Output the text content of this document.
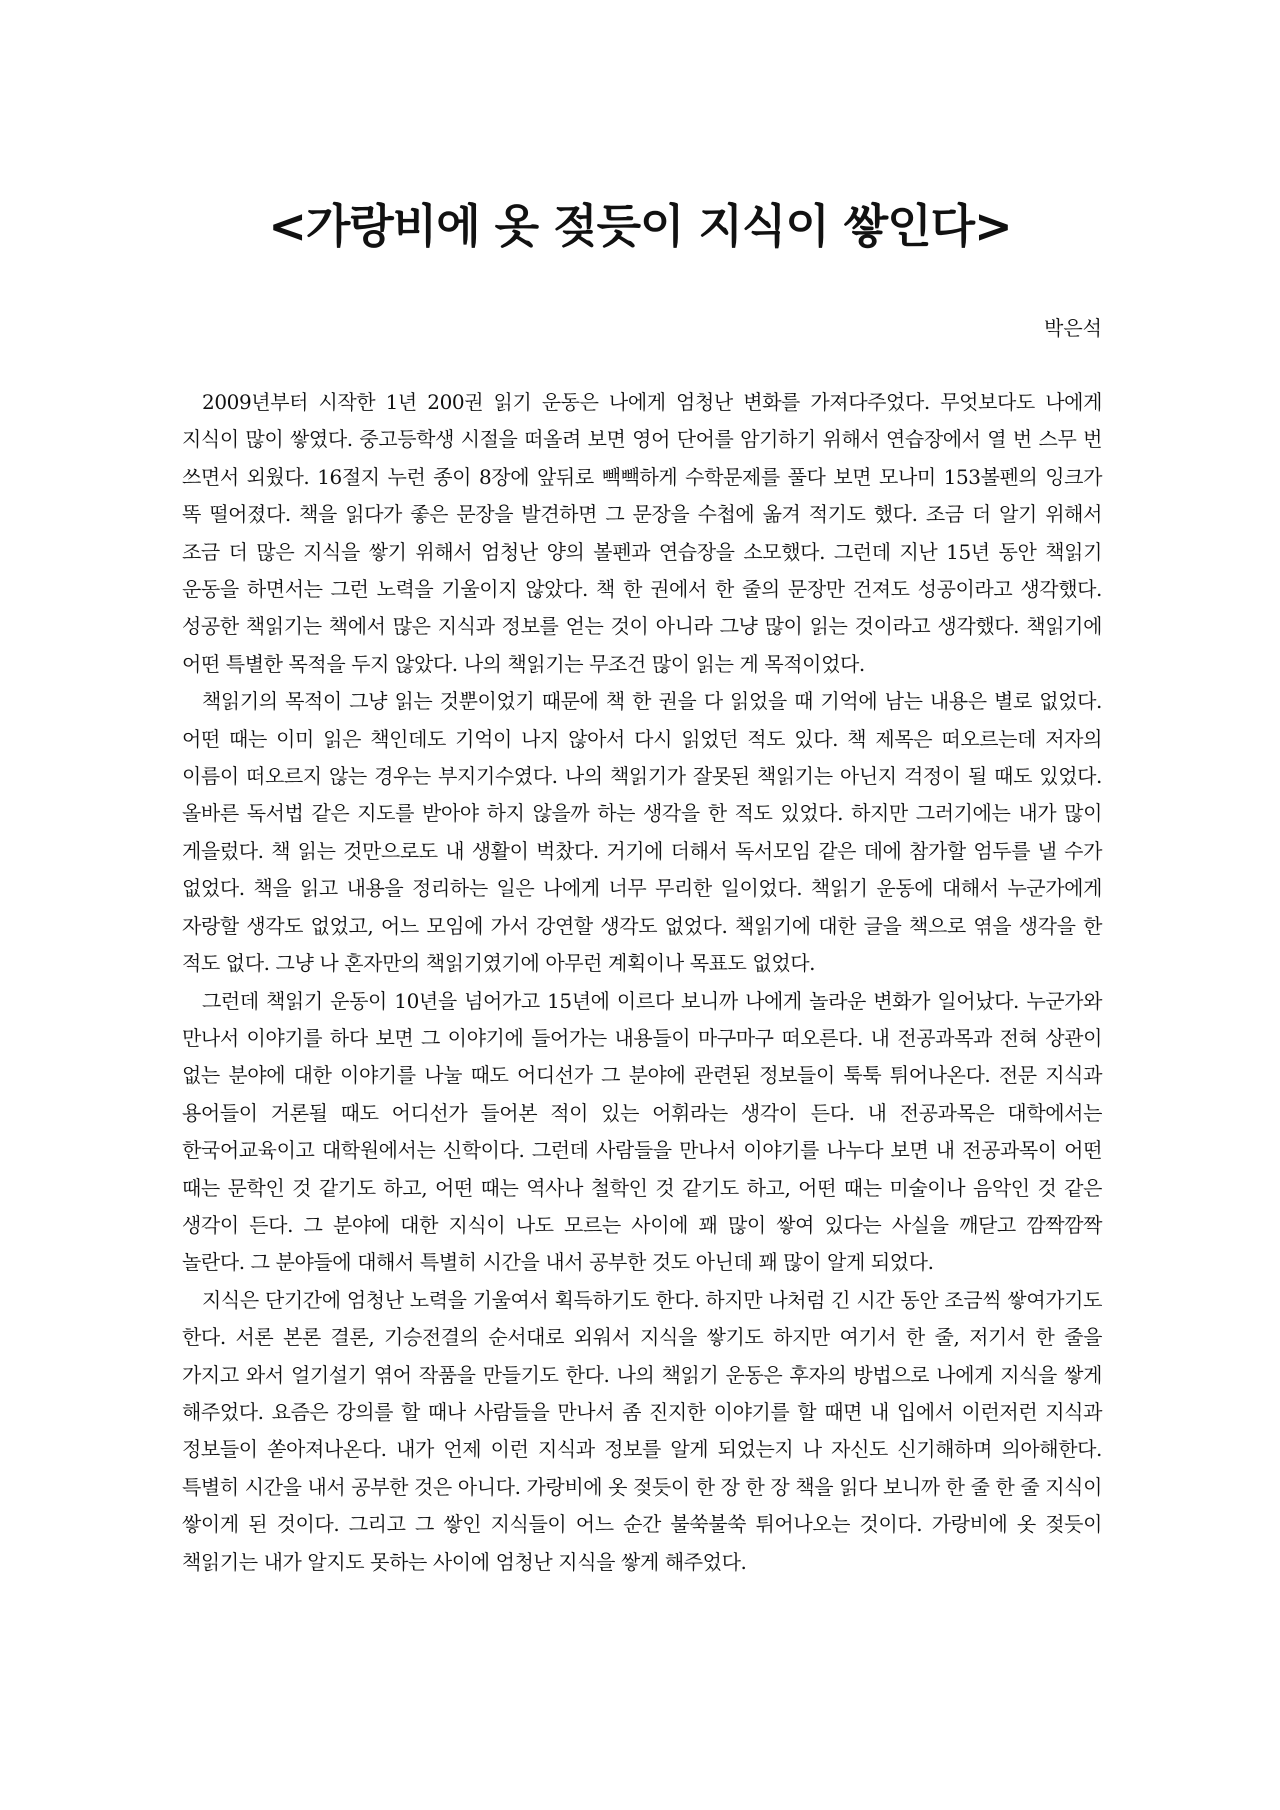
<가랑비에 옷 젖듯이 지식이 쌓인다>

박은석

2009년부터 시작한 1년 200권 읽기 운동은 나에게 엄청난 변화를 가져다주었다. 무엇보다도 나에게 지식이 많이 쌓였다. 중고등학생 시절을 떠올려 보면 영어 단어를 암기하기 위해서 연습장에서 열 번 스무 번 쓰면서 외웠다. 16절지 누런 종이 8장에 앞뒤로 빽빽하게 수학문제를 풀다 보면 모나미 153볼펜의 잉크가 똑 떨어졌다. 책을 읽다가 좋은 문장을 발견하면 그 문장을 수첩에 옮겨 적기도 했다. 조금 더 알기 위해서 조금 더 많은 지식을 쌓기 위해서 엄청난 양의 볼펜과 연습장을 소모했다. 그런데 지난 15년 동안 책읽기 운동을 하면서는 그런 노력을 기울이지 않았다. 책 한 권에서 한 줄의 문장만 건져도 성공이라고 생각했다. 성공한 책읽기는 책에서 많은 지식과 정보를 얻는 것이 아니라 그냥 많이 읽는 것이라고 생각했다. 책읽기에 어떤 특별한 목적을 두지 않았다. 나의 책읽기는 무조건 많이 읽는 게 목적이었다.

책읽기의 목적이 그냥 읽는 것뿐이었기 때문에 책 한 권을 다 읽었을 때 기억에 남는 내용은 별로 없었다. 어떤 때는 이미 읽은 책인데도 기억이 나지 않아서 다시 읽었던 적도 있다. 책 제목은 떠오르는데 저자의 이름이 떠오르지 않는 경우는 부지기수였다. 나의 책읽기가 잘못된 책읽기는 아닌지 걱정이 될 때도 있었다. 올바른 독서법 같은 지도를 받아야 하지 않을까 하는 생각을 한 적도 있었다. 하지만 그러기에는 내가 많이 게을렀다. 책 읽는 것만으로도 내 생활이 벅찼다. 거기에 더해서 독서모임 같은 데에 참가할 엄두를 낼 수가 없었다. 책을 읽고 내용을 정리하는 일은 나에게 너무 무리한 일이었다. 책읽기 운동에 대해서 누군가에게 자랑할 생각도 없었고, 어느 모임에 가서 강연할 생각도 없었다. 책읽기에 대한 글을 책으로 엮을 생각을 한 적도 없다. 그냥 나 혼자만의 책읽기였기에 아무런 계획이나 목표도 없었다.

그런데 책읽기 운동이 10년을 넘어가고 15년에 이르다 보니까 나에게 놀라운 변화가 일어났다. 누군가와 만나서 이야기를 하다 보면 그 이야기에 들어가는 내용들이 마구마구 떠오른다. 내 전공과목과 전혀 상관이 없는 분야에 대한 이야기를 나눌 때도 어디선가 그 분야에 관련된 정보들이 툭툭 튀어나온다. 전문 지식과 용어들이 거론될 때도 어디선가 들어본 적이 있는 어휘라는 생각이 든다. 내 전공과목은 대학에서는 한국어교육이고 대학원에서는 신학이다. 그런데 사람들을 만나서 이야기를 나누다 보면 내 전공과목이 어떤 때는 문학인 것 같기도 하고, 어떤 때는 역사나 철학인 것 같기도 하고, 어떤 때는 미술이나 음악인 것 같은 생각이 든다. 그 분야에 대한 지식이 나도 모르는 사이에 꽤 많이 쌓여 있다는 사실을 깨닫고 깜짝깜짝 놀란다. 그 분야들에 대해서 특별히 시간을 내서 공부한 것도 아닌데 꽤 많이 알게 되었다.

지식은 단기간에 엄청난 노력을 기울여서 획득하기도 한다. 하지만 나처럼 긴 시간 동안 조금씩 쌓여가기도 한다. 서론 본론 결론, 기승전결의 순서대로 외워서 지식을 쌓기도 하지만 여기서 한 줄, 저기서 한 줄을 가지고 와서 얼기설기 엮어 작품을 만들기도 한다. 나의 책읽기 운동은 후자의 방법으로 나에게 지식을 쌓게 해주었다. 요즘은 강의를 할 때나 사람들을 만나서 좀 진지한 이야기를 할 때면 내 입에서 이런저런 지식과 정보들이 쏟아져나온다. 내가 언제 이런 지식과 정보를 알게 되었는지 나 자신도 신기해하며 의아해한다. 특별히 시간을 내서 공부한 것은 아니다. 가랑비에 옷 젖듯이 한 장 한 장 책을 읽다 보니까 한 줄 한 줄 지식이 쌓이게 된 것이다. 그리고 그 쌓인 지식들이 어느 순간 불쑥불쑥 튀어나오는 것이다. 가랑비에 옷 젖듯이 책읽기는 내가 알지도 못하는 사이에 엄청난 지식을 쌓게 해주었다.
